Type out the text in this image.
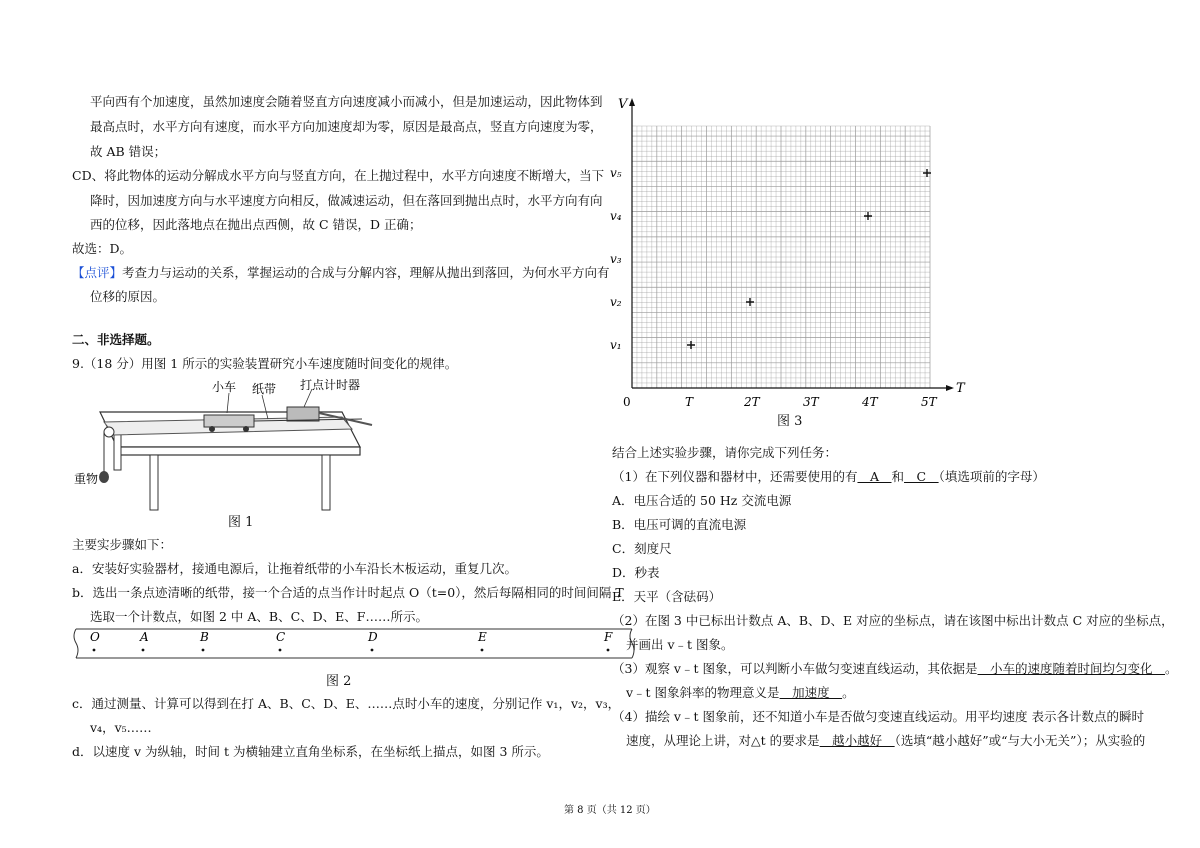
平向西有个加速度，虽然加速度会随着竖直方向速度减小而减小，但是加速运动，因此物体到
最高点时，水平方向有速度，而水平方向加速度却为零，原因是最高点，竖直方向速度为零，
故 AB 错误；
CD、将此物体的运动分解成水平方向与竖直方向，在上抛过程中，水平方向速度不断增大，当下
降时，因加速度方向与水平速度方向相反，做减速运动，但在落回到抛出点时，水平方向有向
西的位移，因此落地点在抛出点西侧，故 C 错误，D 正确；
故选：D。
【点评】考查力与运动的关系，掌握运动的合成与分解内容，理解从抛出到落回，为何水平方向有
位移的原因。
二、非选择题。
9.（18 分）用图 1 所示的实验装置研究小车速度随时间变化的规律。
小车 纸带 打点计时器
重物
图 1
主要实步骤如下：
a．安装好实验器材，接通电源后，让拖着纸带的小车沿长木板运动，重复几次。
b．选出一条点迹清晰的纸带，接一个合适的点当作计时起点 O（t=0），然后每隔相同的时间间隔 T
选取一个计数点，如图 2 中 A、B、C、D、E、F……所示。
O	A	B	C	D	E	F
图 2
c．通过测量、计算可以得到在打 A、B、C、D、E、……点时小车的速度，分别记作 v₁，v₂，v₃，
v₄，v₅……
d．以速度 v 为纵轴，时间 t 为横轴建立直角坐标系，在坐标纸上描点，如图 3 所示。
V
T
0
v₁
v₂
v₃
v₄
v₅
T	2T	3T	4T	5T
图 3
结合上述实验步骤，请你完成下列任务：
（1）在下列仪器和器材中，还需要使用的有　A　和　C　（填选项前的字母）
A．电压合适的 50 Hz 交流电源
B．电压可调的直流电源
C．刻度尺
D．秒表
E．天平（含砝码）
（2）在图 3 中已标出计数点 A、B、D、E 对应的坐标点，请在该图中标出计数点 C 对应的坐标点，
并画出 v﹣t 图象。
（3）观察 v﹣t 图象，可以判断小车做匀变速直线运动，其依据是　小车的速度随着时间均匀变化　。
v﹣t 图象斜率的物理意义是　加速度　。
（4）描绘 v﹣t 图象前，还不知道小车是否做匀变速直线运动。用平均速度 表示各计数点的瞬时
速度，从理论上讲，对△t 的要求是　越小越好　（选填“越小越好”或“与大小无关”）；从实验的
第 8 页（共 12 页）
